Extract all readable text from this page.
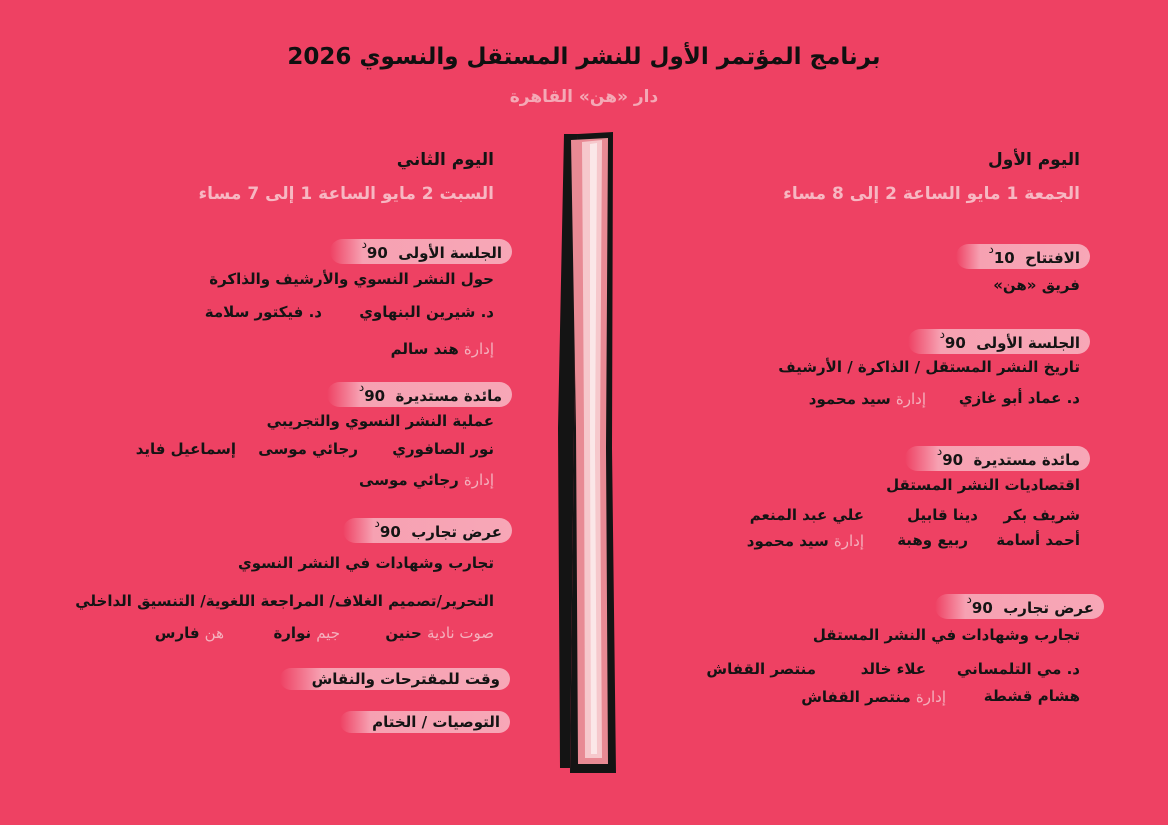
برنامج المؤتمر الأول للنشر المستقل والنسوي 2026
دار «هن» القاهرة
اليوم الأول
الجمعة 1 مايو الساعة 2 إلى 8 مساء
الافتتاح  $10^د$
فريق «هن»
الجلسة الأولى  $90^د$
تاريخ النشر المستقل / الذاكرة / الأرشيف
د. عماد أبو غازي
إدارة سيد محمود
مائدة مستديرة  $90^د$
اقتصاديات النشر المستقل
شريف بكر
دينا قابيل
علي عبد المنعم
أحمد أسامة
ربيع وهبة
إدارة سيد محمود
عرض تجارب  $90^د$
تجارب وشهادات في النشر المستقل
د. مي التلمساني
علاء خالد
منتصر القفاش
هشام قشطة
إدارة منتصر القفاش
اليوم الثاني
السبت 2 مايو الساعة 1 إلى 7 مساء
الجلسة الأولى  $90^د$
حول النشر النسوي والأرشيف والذاكرة
د. شيرين البنهاوي
د. فيكتور سلامة
إدارة هند سالم
مائدة مستديرة  $90^د$
عملية النشر النسوي والتجريبي
نور الصافوري
رجائي موسى
إسماعيل فايد
إدارة رجائي موسى
عرض تجارب  $90^د$
تجارب وشهادات في النشر النسوي
التحرير/تصميم الغلاف/ المراجعة اللغوية/ التنسيق الداخلي
صوت نادية حنين
جيم نوارة
هن فارس
وقت للمقترحات والنقاش
التوصيات / الختام
